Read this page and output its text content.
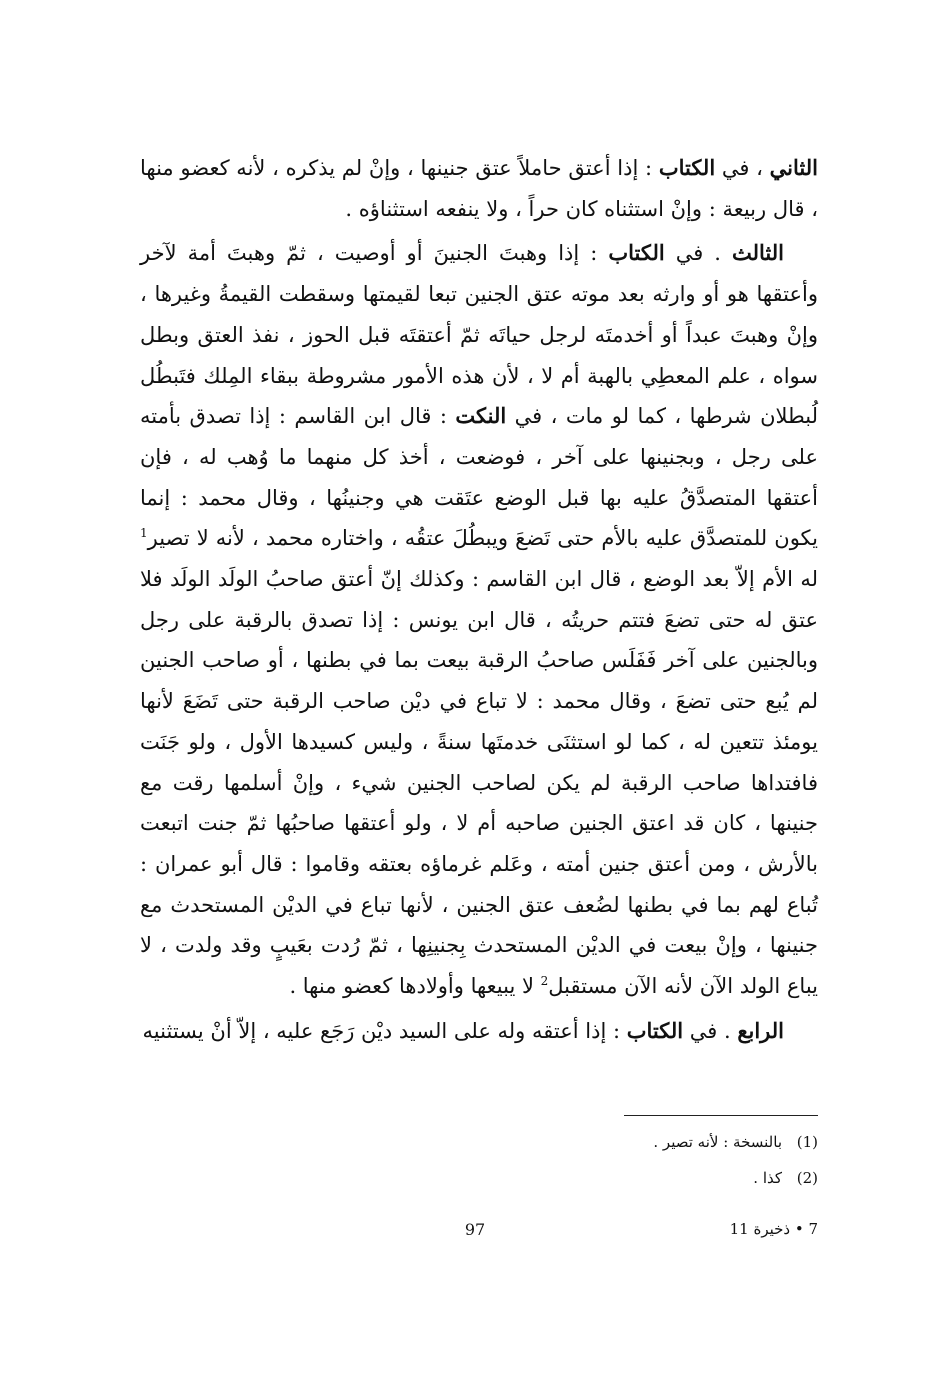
الثاني ، في الكتاب : إذا أعتق حاملاً عتق جنينها ، وإنْ لم يذكره ، لأنه كعضو منها ، قال ربيعة : وإنْ استثناه كان حراً ، ولا ينفعه استثناؤه .

الثالث . في الكتاب : إذا وهبتَ الجنينَ أو أوصيت ، ثمّ وهبتَ أمة لآخر وأعتقها هو أو وارثه بعد موته عتق الجنين تبعا لقيمتها وسقطت القيمةُ وغيرها ، وإنْ وهبتَ عبداً أو أخدمتَه لرجل حياتَه ثمّ أعتقتَه قبل الحوز ، نفذ العتق وبطل سواه ، علم المعطِي بالهبة أم لا ، لأن هذه الأمور مشروطة ببقاء المِلك فتَبطُل لُبطلان شرطها ، كما لو مات ، في النكت : قال ابن القاسم : إذا تصدق بأمته على رجل ، وبجنينها على آخر ، فوضعت ، أخذ كل منهما ما وُهب له ، فإن أعتقها المتصدَّقُ عليه بها قبل الوضع عتَقت هي وجنينُها ، وقال محمد : إنما يكون للمتصدَّق عليه بالأم حتى تَضعَ ويبطُلَ عتقُه ، واختاره محمد ، لأنه لا تصير$^1$ له الأم إلاّ بعد الوضع ، قال ابن القاسم : وكذلك إنّ أعتق صاحبُ الولَد الولَد فلا عتق له حتى تضعَ فتتم حريتُه ، قال ابن يونس : إذا تصدق بالرقبة على رجل وبالجنين على آخر فَفَلَس صاحبُ الرقبة بيعت بما في بطنها ، أو صاحب الجنين لم يُبع حتى تضعَ ، وقال محمد : لا تباع في ديْن صاحب الرقبة حتى تَضَعَ لأنها يومئذ تتعين له ، كما لو استثنَى خدمتَها سنةً ، وليس كسيدها الأول ، ولو جَنَت فافتداها صاحب الرقبة لم يكن لصاحب الجنين شيء ، وإنْ أسلمها رقت مع جنينها ، كان قد اعتق الجنين صاحبه أم لا ، ولو أعتقها صاحبُها ثمّ جنت اتبعت بالأرش ، ومن أعتق جنين أمته ، وعَلم غرماؤه بعتقه وقاموا : قال أبو عمران : تُباع لهم بما في بطنها لضُعف عتق الجنين ، لأنها تباع في الديْن المستحدث مع جنينها ، وإنْ بيعت في الديْن المستحدث بِجنينِها ، ثمّ رُدت بعَيبٍ وقد ولدت ، لا يباع الولد الآن لأنه الآن مستقبل$^2$ لا يبيعها وأولادها كعضو منها .

الرابع . في الكتاب : إذا أعتقه وله على السيد ديْن رَجَع عليه ، إلاّ أنْ يستثنيه

(1)بالنسخة : لأنه تصير .
(2)كذا .
97	7 • ذخيرة 11
